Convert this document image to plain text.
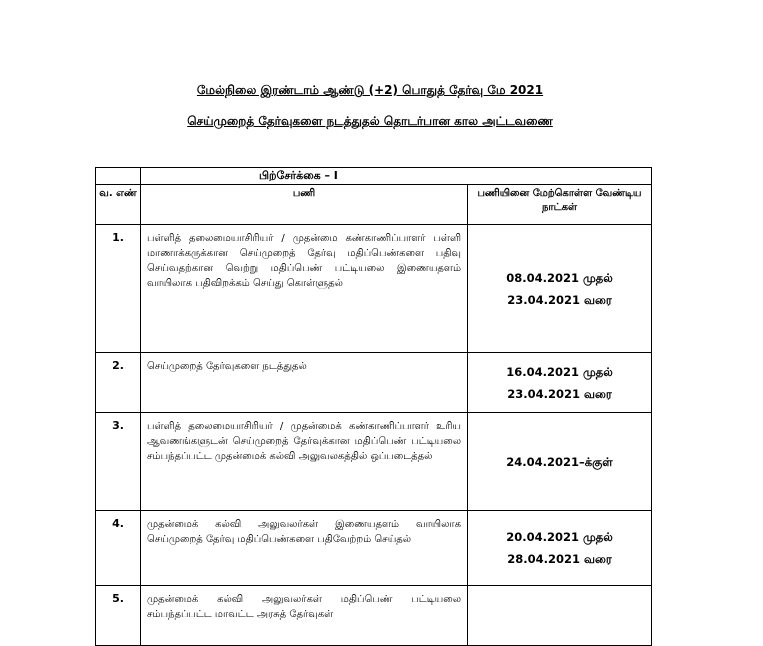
மேல்நிலை இரண்டாம் ஆண்டு (+2) பொதுத் தேர்வு மே 2021
செய்முறைத் தேர்வுகளை நடத்துதல் தொடர்பான கால அட்டவணை
	பிற்சேர்க்கை – I	
வ. எண்	பணி	பணியினை மேற்கொள்ள வேண்டிய நாட்கள்
1.	பள்ளித் தலைமையாசிரியர் / முதன்மை கண்காணிப்பாளர் பள்ளி மாணாக்கருக்கான செய்முறைத் தேர்வு மதிப்பெண்களை பதிவு செய்வதற்கான வெற்று மதிப்பெண் பட்டியலை இணையதளம் வாயிலாக பதிவிறக்கம் செய்து கொள்ளுதல்	08.04.2021 முதல்
23.04.2021 வரை

2.	செய்முறைத் தேர்வுகளை நடத்துதல்	16.04.2021 முதல்
23.04.2021 வரை

3.	பள்ளித் தலைமையாசிரியர் / முதன்மைக் கண்காணிப்பாளர் உரிய ஆவணங்களுடன் செய்முறைத் தேர்வுக்கான மதிப்பெண் பட்டியலை சம்பந்தப்பட்ட முதன்மைக் கல்வி அலுவலகத்தில் ஒப்படைத்தல்	24.04.2021–க்குள்

4.	முதன்மைக் கல்வி அலுவலர்கள் இணையதளம் வாயிலாக செய்முறைத் தேர்வு மதிப்பெண்களை பதிவேற்றம் செய்தல்	20.04.2021 முதல்
28.04.2021 வரை

5.	முதன்மைக் கல்வி அலுவலர்கள் மதிப்பெண் பட்டியலை சம்பந்தப்பட்ட மாவட்ட அரசுத் தேர்வுகள்	
